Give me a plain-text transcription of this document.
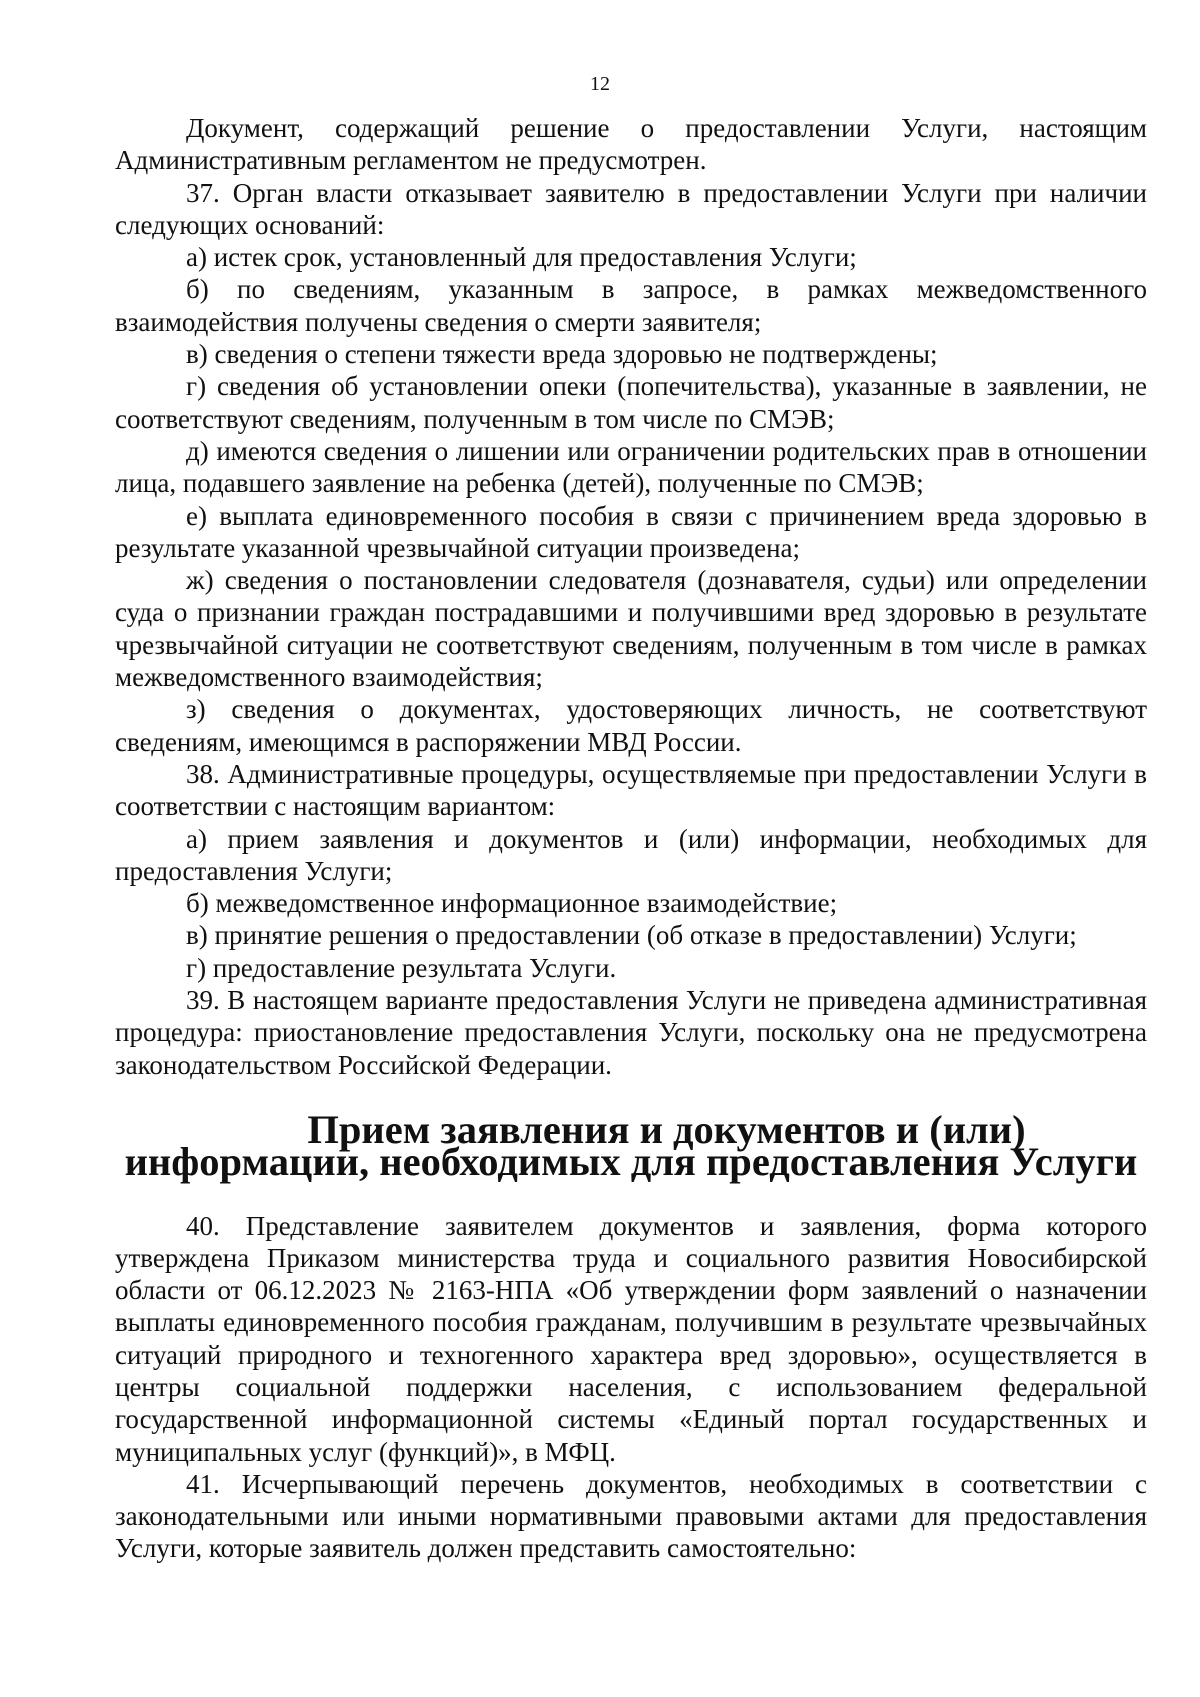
12

Документ, содержащий решение о предоставлении Услуги, настоящим Административным регламентом не предусмотрен.

37. Орган власти отказывает заявителю в предоставлении Услуги при наличии следующих оснований:

а) истек срок, установленный для предоставления Услуги;

б) по сведениям, указанным в запросе, в рамках межведомственного взаимодействия получены сведения о смерти заявителя;

в) сведения о степени тяжести вреда здоровью не подтверждены;

г) сведения об установлении опеки (попечительства), указанные в заявлении, не соответствуют сведениям, полученным в том числе по СМЭВ;

д) имеются сведения о лишении или ограничении родительских прав в отношении лица, подавшего заявление на ребенка (детей), полученные по СМЭВ;

е) выплата единовременного пособия в связи с причинением вреда здоровью в результате указанной чрезвычайной ситуации произведена;

ж) сведения о постановлении следователя (дознавателя, судьи) или определении суда о признании граждан пострадавшими и получившими вред здоровью в результате чрезвычайной ситуации не соответствуют сведениям, полученным в том числе в рамках межведомственного взаимодействия;

з) сведения о документах, удостоверяющих личность, не соответствуют сведениям, имеющимся в распоряжении МВД России.

38. Административные процедуры, осуществляемые при предоставлении Услуги в соответствии с настоящим вариантом:

а) прием заявления и документов и (или) информации, необходимых для предоставления Услуги;

б) межведомственное информационное взаимодействие;

в) принятие решения о предоставлении (об отказе в предоставлении) Услуги;

г) предоставление результата Услуги.

39. В настоящем варианте предоставления Услуги не приведена административная процедура: приостановление предоставления Услуги, поскольку она не предусмотрена законодательством Российской Федерации.

Прием заявления и документов и (или) информации, необходимых для предоставления Услуги

40. Представление заявителем документов и заявления, форма которого утверждена Приказом министерства труда и социального развития Новосибирской области от 06.12.2023 № 2163-НПА «Об утверждении форм заявлений о назначении выплаты единовременного пособия гражданам, получившим в результате чрезвычайных ситуаций природного и техногенного характера вред здоровью», осуществляется в центры социальной поддержки населения, с использованием федеральной государственной информационной системы «Единый портал государственных и муниципальных услуг (функций)», в МФЦ.

41. Исчерпывающий перечень документов, необходимых в соответствии с законодательными или иными нормативными правовыми актами для предоставления Услуги, которые заявитель должен представить самостоятельно:
